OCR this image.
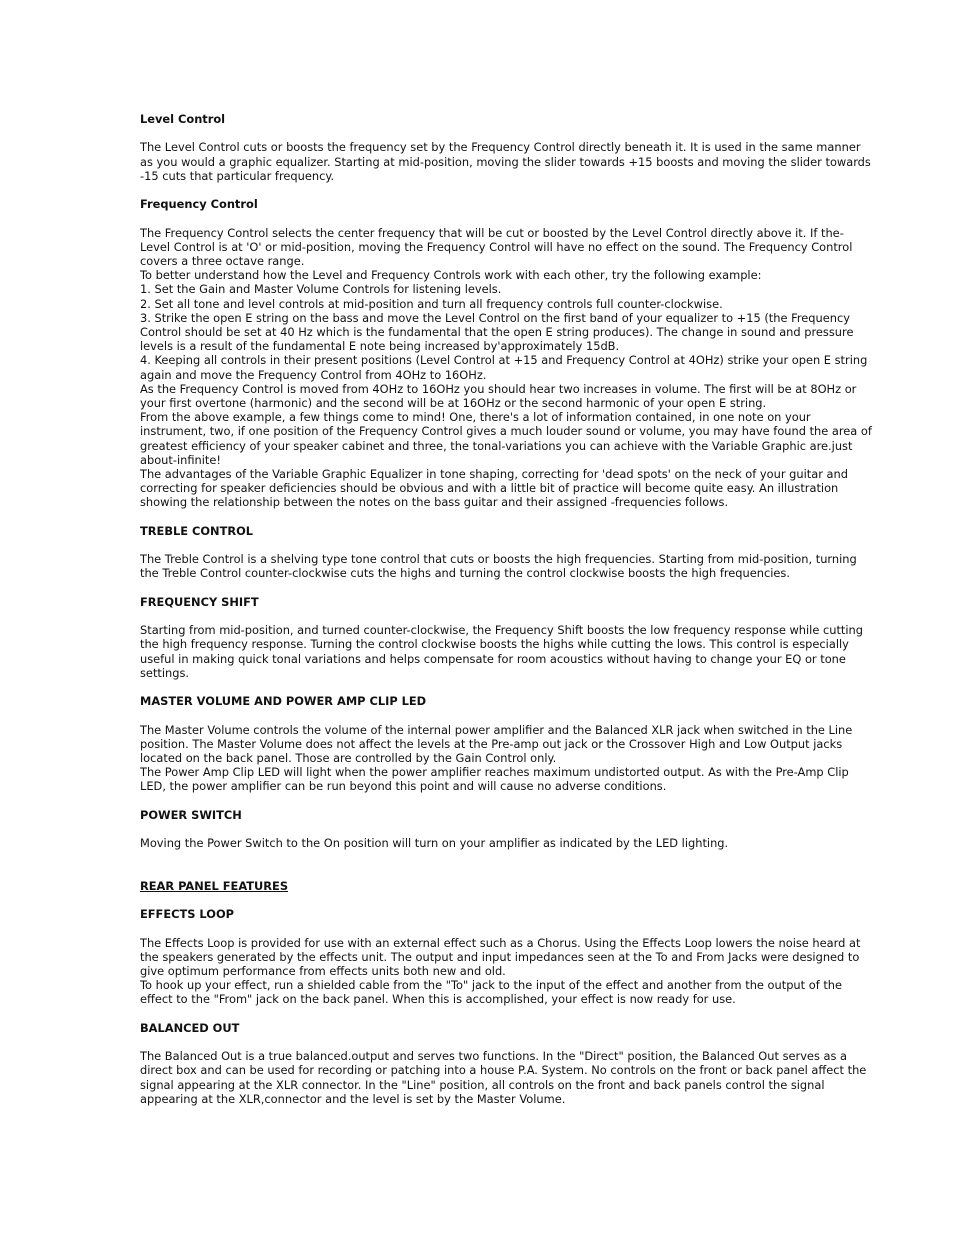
Level Control

The Level Control cuts or boosts the frequency set by the Frequency Control directly beneath it. It is used in the same manner as you would a graphic equalizer. Starting at mid-position, moving the slider towards +15 boosts and moving the slider towards -15 cuts that particular frequency.

Frequency Control

The Frequency Control selects the center frequency that will be cut or boosted by the Level Control directly above it. If the-Level Control is at 'O' or mid-position, moving the Frequency Control will have no effect on the sound. The Frequency Control covers a three octave range.
To better understand how the Level and Frequency Controls work with each other, try the following example:
1. Set the Gain and Master Volume Controls for listening levels.
2. Set all tone and level controls at mid-position and turn all frequency controls full counter-clockwise.
3. Strike the open E string on the bass and move the Level Control on the first band of your equalizer to +15 (the Frequency Control should be set at 40 Hz which is the fundamental that the open E string produces). The change in sound and pressure levels is a result of the fundamental E note being increased by'approximately 15dB.
4. Keeping all controls in their present positions (Level Control at +15 and Frequency Control at 4OHz) strike your open E string again and move the Frequency Control from 4OHz to 16OHz.
As the Frequency Control is moved from 4OHz to 16OHz you should hear two increases in volume. The first will be at 8OHz or your first overtone (harmonic) and the second will be at 16OHz or the second harmonic of your open E string.
From the above example, a few things come to mind! One, there's a lot of information contained, in one note on your instrument, two, if one position of the Frequency Control gives a much louder sound or volume, you may have found the area of greatest efficiency of your speaker cabinet and three, the tonal-variations you can achieve with the Variable Graphic are.just about-infinite!
The advantages of the Variable Graphic Equalizer in tone shaping, correcting for 'dead spots' on the neck of your guitar and correcting for speaker deficiencies should be obvious and with a little bit of practice will become quite easy. An illustration showing the relationship between the notes on the bass guitar and their assigned -frequencies follows.

TREBLE CONTROL

The Treble Control is a shelving type tone control that cuts or boosts the high frequencies. Starting from mid-position, turning the Treble Control counter-clockwise cuts the highs and turning the control clockwise boosts the high frequencies.

FREQUENCY SHIFT

Starting from mid-position, and turned counter-clockwise, the Frequency Shift boosts the low frequency response while cutting the high frequency response. Turning the control clockwise boosts the highs while cutting the lows. This control is especially useful in making quick tonal variations and helps compensate for room acoustics without having to change your EQ or tone settings.

MASTER VOLUME AND POWER AMP CLIP LED

The Master Volume controls the volume of the internal power amplifier and the Balanced XLR jack when switched in the Line position. The Master Volume does not affect the levels at the Pre-amp out jack or the Crossover High and Low Output jacks located on the back panel. Those are controlled by the Gain Control only.
The Power Amp Clip LED will light when the power amplifier reaches maximum undistorted output. As with the Pre-Amp Clip LED, the power amplifier can be run beyond this point and will cause no adverse conditions.

POWER SWITCH

Moving the Power Switch to the On position will turn on your amplifier as indicated by the LED lighting.

REAR PANEL FEATURES
EFFECTS LOOP

The Effects Loop is provided for use with an external effect such as a Chorus. Using the Effects Loop lowers the noise heard at the speakers generated by the effects unit. The output and input impedances seen at the To and From Jacks were designed to give optimum performance from effects units both new and old.
To hook up your effect, run a shielded cable from the "To" jack to the input of the effect and another from the output of the effect to the "From" jack on the back panel. When this is accomplished, your effect is now ready for use.

BALANCED OUT

The Balanced Out is a true balanced.output and serves two functions. In the "Direct" position, the Balanced Out serves as a direct box and can be used for recording or patching into a house P.A. System. No controls on the front or back panel affect the signal appearing at the XLR connector. In the "Line" position, all controls on the front and back panels control the signal appearing at the XLR,connector and the level is set by the Master Volume.
